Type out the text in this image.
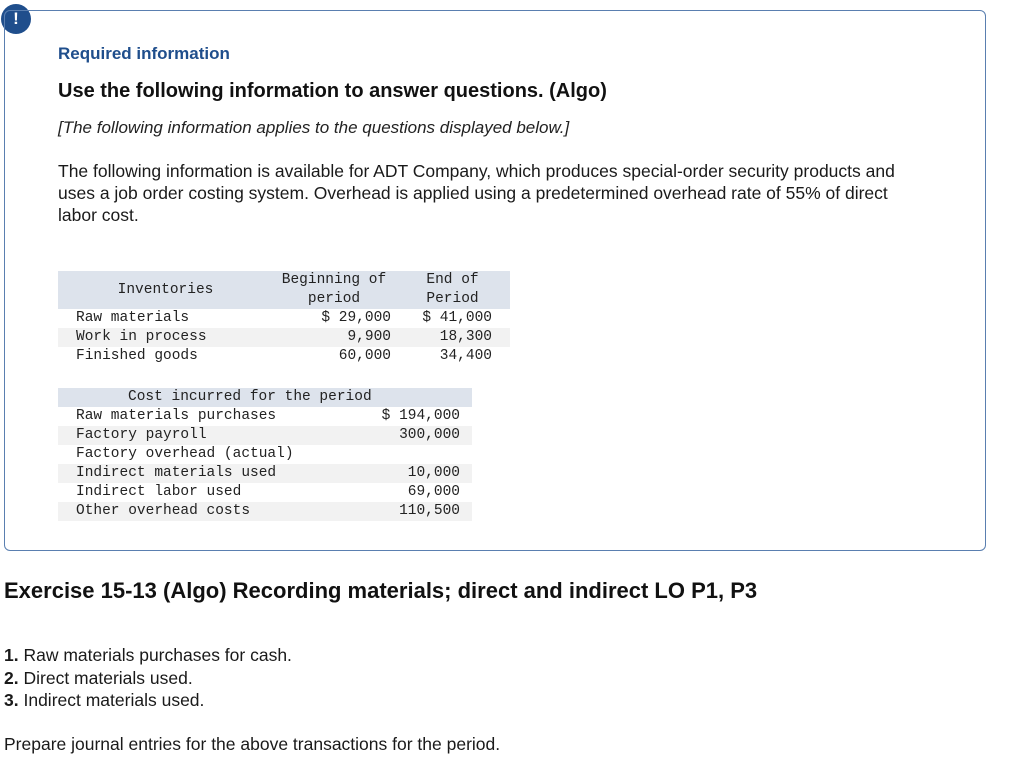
!
Required information
Use the following information to answer questions. (Algo)
[The following information applies to the questions displayed below.]
The following information is available for ADT Company, which produces special-order security products and uses a job order costing system. Overhead is applied using a predetermined overhead rate of 55% of direct labor cost.
Inventories	Beginning of period	End of Period
Raw materials	$ 29,000	$ 41,000
Work in process	9,900	18,300
Finished goods	60,000	34,400
Cost incurred for the period	
Raw materials purchases	$ 194,000
Factory payroll	300,000
Factory overhead (actual)	
Indirect materials used	10,000
Indirect labor used	69,000
Other overhead costs	110,500
Exercise 15-13 (Algo) Recording materials; direct and indirect LO P1, P3
1. Raw materials purchases for cash.
2. Direct materials used.
3. Indirect materials used.
Prepare journal entries for the above transactions for the period.
